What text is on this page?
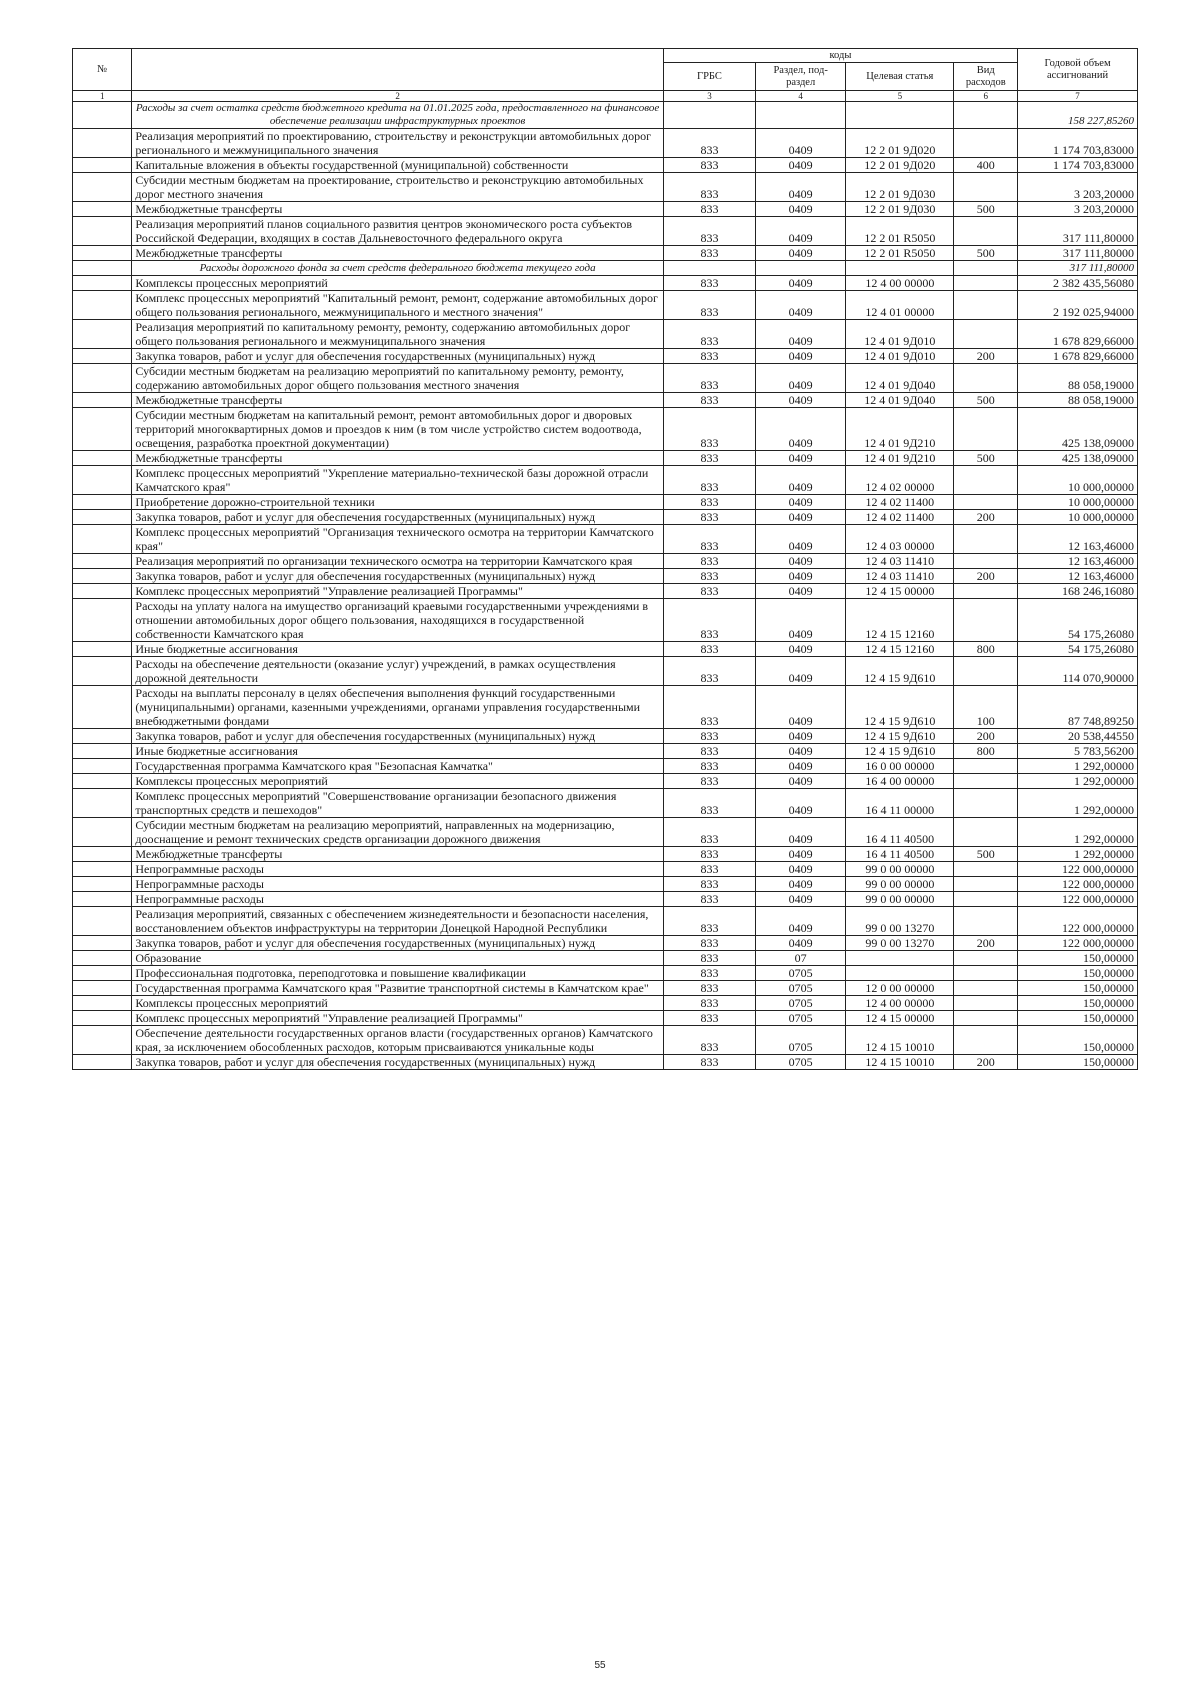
№		коды				Годовой объем ассигнований
		ГРБС	Раздел, под-раздел	Целевая статья	Вид расходов	
1	2	3	4	5	6	7
	Расходы за счет остатка средств бюджетного кредита на 01.01.2025 года, предоставленного на финансовое обеспечение реализации инфраструктурных проектов					158 227,85260
	Реализация мероприятий по проектированию, строительству и реконструкции автомобильных дорог регионального и межмуниципального значения	833	0409	12 2 01 9Д020		1 174 703,83000
	Капитальные вложения в объекты государственной (муниципальной) собственности	833	0409	12 2 01 9Д020	400	1 174 703,83000
	Субсидии местным бюджетам на проектирование, строительство и реконструкцию автомобильных дорог местного значения	833	0409	12 2 01 9Д030		3 203,20000
	Межбюджетные трансферты	833	0409	12 2 01 9Д030	500	3 203,20000
	Реализация мероприятий планов социального развития центров экономического роста субъектов Российской Федерации, входящих в состав Дальневосточного федерального округа	833	0409	12 2 01 R5050		317 111,80000
	Межбюджетные трансферты	833	0409	12 2 01 R5050	500	317 111,80000
	Расходы дорожного фонда за счет средств федерального бюджета текущего года					317 111,80000
	Комплексы процессных мероприятий	833	0409	12 4 00 00000		2 382 435,56080
	Комплекс процессных мероприятий "Капитальный ремонт, ремонт, содержание автомобильных дорог общего пользования регионального, межмуниципального и местного значения"	833	0409	12 4 01 00000		2 192 025,94000
	Реализация мероприятий по капитальному ремонту, ремонту, содержанию автомобильных дорог общего пользования регионального и межмуниципального значения	833	0409	12 4 01 9Д010		1 678 829,66000
	Закупка товаров, работ и услуг для обеспечения государственных (муниципальных) нужд	833	0409	12 4 01 9Д010	200	1 678 829,66000
	Субсидии местным бюджетам на реализацию мероприятий по капитальному ремонту, ремонту, содержанию автомобильных дорог общего пользования местного значения	833	0409	12 4 01 9Д040		88 058,19000
	Межбюджетные трансферты	833	0409	12 4 01 9Д040	500	88 058,19000
	Субсидии местным бюджетам на капитальный ремонт, ремонт автомобильных дорог и дворовых территорий многоквартирных домов и проездов к ним (в том числе устройство систем водоотвода, освещения, разработка проектной документации)	833	0409	12 4 01 9Д210		425 138,09000
	Межбюджетные трансферты	833	0409	12 4 01 9Д210	500	425 138,09000
	Комплекс процессных мероприятий "Укрепление материально-технической базы дорожной отрасли Камчатского края"	833	0409	12 4 02 00000		10 000,00000
	Приобретение дорожно-строительной техники	833	0409	12 4 02 11400		10 000,00000
	Закупка товаров, работ и услуг для обеспечения государственных (муниципальных) нужд	833	0409	12 4 02 11400	200	10 000,00000
	Комплекс процессных мероприятий "Организация технического осмотра на территории Камчатского края"	833	0409	12 4 03 00000		12 163,46000
	Реализация мероприятий по организации технического осмотра на территории Камчатского края	833	0409	12 4 03 11410		12 163,46000
	Закупка товаров, работ и услуг для обеспечения государственных (муниципальных) нужд	833	0409	12 4 03 11410	200	12 163,46000
	Комплекс процессных мероприятий "Управление реализацией Программы"	833	0409	12 4 15 00000		168 246,16080
	Расходы на уплату налога на имущество организаций краевыми государственными учреждениями в отношении автомобильных дорог общего пользования, находящихся в государственной собственности Камчатского края	833	0409	12 4 15 12160		54 175,26080
	Иные бюджетные ассигнования	833	0409	12 4 15 12160	800	54 175,26080
	Расходы на обеспечение деятельности (оказание услуг) учреждений, в рамках осуществления дорожной деятельности	833	0409	12 4 15 9Д610		114 070,90000
	Расходы на выплаты персоналу в целях обеспечения выполнения функций государственными (муниципальными) органами, казенными учреждениями, органами управления государственными внебюджетными фондами	833	0409	12 4 15 9Д610	100	87 748,89250
	Закупка товаров, работ и услуг для обеспечения государственных (муниципальных) нужд	833	0409	12 4 15 9Д610	200	20 538,44550
	Иные бюджетные ассигнования	833	0409	12 4 15 9Д610	800	5 783,56200
	Государственная программа Камчатского края "Безопасная Камчатка"	833	0409	16 0 00 00000		1 292,00000
	Комплексы процессных мероприятий	833	0409	16 4 00 00000		1 292,00000
	Комплекс процессных мероприятий "Совершенствование организации безопасного движения транспортных средств и пешеходов"	833	0409	16 4 11 00000		1 292,00000
	Субсидии местным бюджетам на реализацию мероприятий, направленных на модернизацию, дооснащение и ремонт технических средств организации дорожного движения	833	0409	16 4 11 40500		1 292,00000
	Межбюджетные трансферты	833	0409	16 4 11 40500	500	1 292,00000
	Непрограммные расходы	833	0409	99 0 00 00000		122 000,00000
	Непрограммные расходы	833	0409	99 0 00 00000		122 000,00000
	Непрограммные расходы	833	0409	99 0 00 00000		122 000,00000
	Реализация мероприятий, связанных с обеспечением жизнедеятельности и безопасности населения, восстановлением объектов инфраструктуры на территории Донецкой Народной Республики	833	0409	99 0 00 13270		122 000,00000
	Закупка товаров, работ и услуг для обеспечения государственных (муниципальных) нужд	833	0409	99 0 00 13270	200	122 000,00000
	Образование	833	07			150,00000
	Профессиональная подготовка, переподготовка и повышение квалификации	833	0705			150,00000
	Государственная программа Камчатского края "Развитие транспортной системы в Камчатском крае"	833	0705	12 0 00 00000		150,00000
	Комплексы процессных мероприятий	833	0705	12 4 00 00000		150,00000
	Комплекс процессных мероприятий "Управление реализацией Программы"	833	0705	12 4 15 00000		150,00000
	Обеспечение деятельности государственных органов власти (государственных органов) Камчатского края, за исключением обособленных расходов, которым присваиваются уникальные коды	833	0705	12 4 15 10010		150,00000
	Закупка товаров, работ и услуг для обеспечения государственных (муниципальных) нужд	833	0705	12 4 15 10010	200	150,00000
55
